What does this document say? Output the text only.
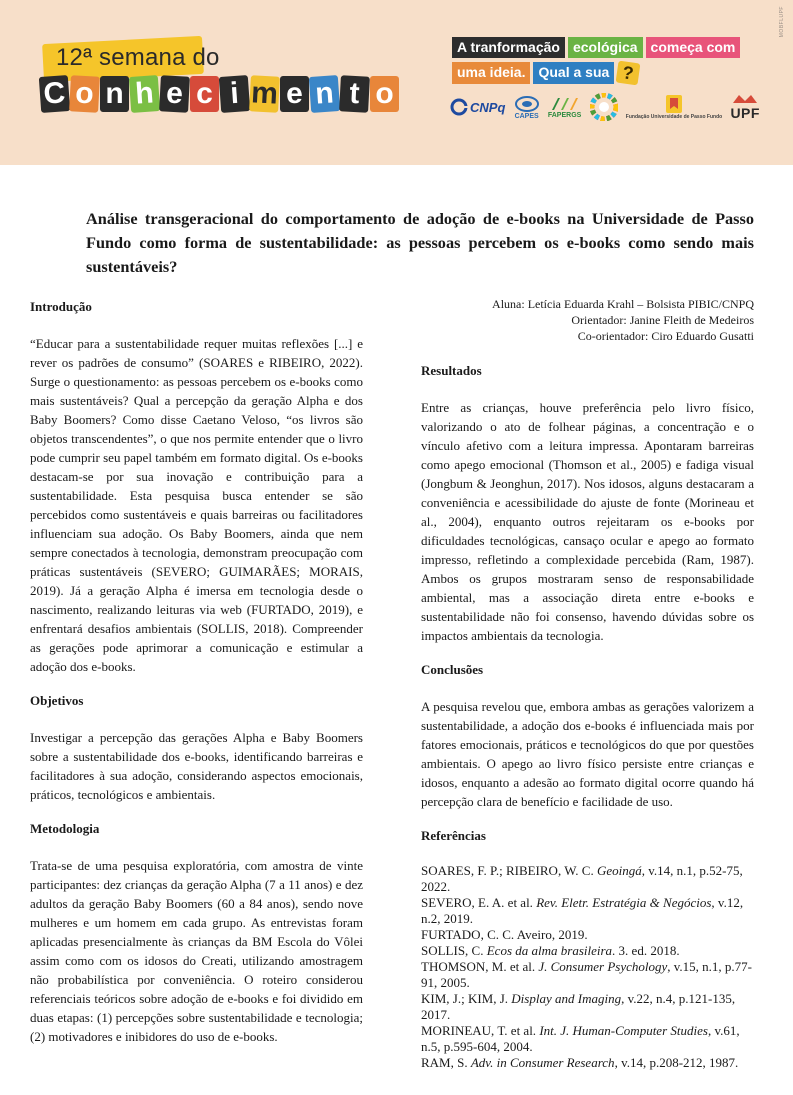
MOBFLUPF
12ª semana do
C o n h e c i m e n t o
A tranformação ecológica começa com
uma ideia. Qual a sua ?
CNPq
CAPES FAPERGS	Fundação Universidade de Passo Fundo UPF
Análise transgeracional do comportamento de adoção de e-books na Universidade de Passo Fundo como forma de sustentabilidade: as pessoas percebem os e-books como sendo mais sustentáveis?
Introdução

“Educar para a sustentabilidade requer muitas reflexões [...] e rever os padrões de consumo” (SOARES e RIBEIRO, 2022). Surge o questionamento: as pessoas percebem os e-books como mais sustentáveis? Qual a percepção da geração Alpha e dos Baby Boomers? Como disse Caetano Veloso, “os livros são objetos transcendentes”, o que nos permite entender que o livro pode cumprir seu papel também em formato digital. Os e-books destacam-se por sua inovação e contribuição para a sustentabilidade. Esta pesquisa busca entender se são percebidos como sustentáveis e quais barreiras ou facilitadores influenciam sua adoção. Os Baby Boomers, ainda que nem sempre conectados à tecnologia, demonstram preocupação com práticas sustentáveis (SEVERO; GUIMARÃES; MORAIS, 2019). Já a geração Alpha é imersa em tecnologia desde o nascimento, realizando leituras via web (FURTADO, 2019), e enfrentará desafios ambientais (SOLLIS, 2018). Compreender as gerações pode aprimorar a comunicação e estimular a adoção dos e-books.

Objetivos

Investigar a percepção das gerações Alpha e Baby Boomers sobre a sustentabilidade dos e-books, identificando barreiras e facilitadores à sua adoção, considerando aspectos emocionais, práticos, tecnológicos e ambientais.

Metodologia

Trata-se de uma pesquisa exploratória, com amostra de vinte participantes: dez crianças da geração Alpha (7 a 11 anos) e dez adultos da geração Baby Boomers (60 a 84 anos), sendo nove mulheres e um homem em cada grupo. As entrevistas foram aplicadas presencialmente às crianças da BM Escola do Vôlei assim como com os idosos do Creati, utilizando amostragem não probabilística por conveniência. O roteiro considerou referenciais teóricos sobre adoção de e-books e foi dividido em duas etapas: (1) percepções sobre sustentabilidade e tecnologia; (2) motivadores e inibidores do uso de e-books.

Aluna: Letícia Eduarda Krahl – Bolsista PIBIC/CNPQ
Orientador: Janine Fleith de Medeiros
Co-orientador: Ciro Eduardo Gusatti
Resultados

Entre as crianças, houve preferência pelo livro físico, valorizando o ato de folhear páginas, a concentração e o vínculo afetivo com a leitura impressa. Apontaram barreiras como apego emocional (Thomson et al., 2005) e fadiga visual (Jongbum & Jeonghun, 2017). Nos idosos, alguns destacaram a conveniência e acessibilidade do ajuste de fonte (Morineau et al., 2004), enquanto outros rejeitaram os e-books por dificuldades tecnológicas, cansaço ocular e apego ao formato impresso, refletindo a complexidade percebida (Ram, 1987). Ambos os grupos mostraram senso de responsabilidade ambiental, mas a associação direta entre e-books e sustentabilidade não foi consenso, havendo dúvidas sobre os impactos ambientais da tecnologia.

Conclusões

A pesquisa revelou que, embora ambas as gerações valorizem a sustentabilidade, a adoção dos e-books é influenciada mais por fatores emocionais, práticos e tecnológicos do que por questões ambientais. O apego ao livro físico persiste entre crianças e idosos, enquanto a adesão ao formato digital ocorre quando há percepção clara de benefício e facilidade de uso.

Referências
SOARES, F. P.; RIBEIRO, W. C. Geoingá, v.14, n.1, p.52-75, 2022.
SEVERO, E. A. et al. Rev. Eletr. Estratégia & Negócios, v.12, n.2, 2019.
FURTADO, C. C. Aveiro, 2019.
SOLLIS, C. Ecos da alma brasileira. 3. ed. 2018.
THOMSON, M. et al. J. Consumer Psychology, v.15, n.1, p.77-91, 2005.
KIM, J.; KIM, J. Display and Imaging, v.22, n.4, p.121-135, 2017.
MORINEAU, T. et al. Int. J. Human-Computer Studies, v.61, n.5, p.595-604, 2004.
RAM, S. Adv. in Consumer Research, v.14, p.208-212, 1987.
